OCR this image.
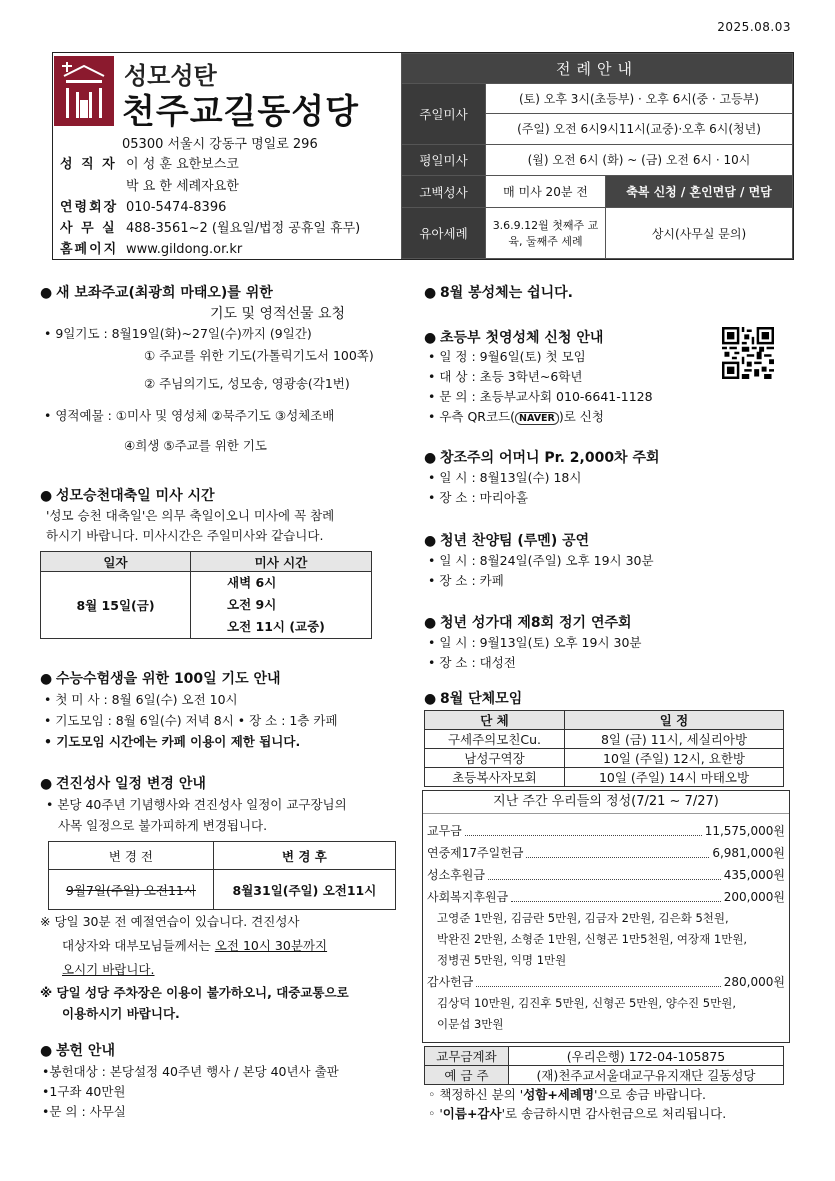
2025.08.03
성모성탄
천주교길동성당
05300 서울시 강동구 명일로 296
성 직 자 이 성 훈 요한보스코
박 요 한 세례자요한
연령회장 010-5474-8396
사 무 실 488-3561~2 (월요일/법정 공휴일 휴무)
홈페이지 www.gildong.or.kr
전례안내		
주일미사	(토) 오후 3시(초등부) · 오후 6시(중 · 고등부)	
	(주일) 오전 6시9시11시(교중)·오후 6시(청년)	
평일미사	(월) 오전 6시 (화) ~ (금) 오전 6시 · 10시	
고백성사	매 미사 20분 전	축복 신청 / 혼인면담 / 면담
유아세례	3.6.9.12월 첫째주 교육, 둘째주 세례	상시(사무실 문의)
● 새 보좌주교(최광희 마태오)를 위한
기도 및 영적선물 요청
• 9일기도 : 8월19일(화)~27일(수)까지 (9일간)
① 주교를 위한 기도(가톨릭기도서 100쪽)
② 주님의기도, 성모송, 영광송(각1번)
• 영적예물 : ①미사 및 영성체 ②묵주기도 ③성체조배
④희생 ⑤주교를 위한 기도
● 성모승천대축일 미사 시간
'성모 승천 대축일'은 의무 축일이오니 미사에 꼭 참례
하시기 바랍니다. 미사시간은 주일미사와 같습니다.
일자	미사 시간
8월 15일(금)	새벽 6시
오전 9시
오전 11시 (교중)
● 수능수험생을 위한 100일 기도 안내
• 첫 미 사 : 8월 6일(수) 오전 10시
• 기도모임 : 8월 6일(수) 저녁 8시 • 장 소 : 1층 카페
• 기도모임 시간에는 카페 이용이 제한 됩니다.
● 견진성사 일정 변경 안내
• 본당 40주년 기념행사와 견진성사 일정이 교구장님의
사목 일정으로 불가피하게 변경됩니다.
변 경 전	변 경 후
9월7일(주일) 오전11시	8월31일(주일) 오전11시
※ 당일 30분 전 예절연습이 있습니다. 견진성사
대상자와 대부모님들께서는 오전 10시 30분까지
오시기 바랍니다.
※ 당일 성당 주차장은 이용이 불가하오니, 대중교통으로
이용하시기 바랍니다.
● 봉헌 안내
•봉헌대상 : 본당설정 40주년 행사 / 본당 40년사 출판
•1구좌 40만원
•문 의 : 사무실
● 8월 봉성체는 쉽니다.
● 초등부 첫영성체 신청 안내
• 일 정 : 9월6일(토) 첫 모임
• 대 상 : 초등 3학년~6학년
• 문 의 : 초등부교사회 010-6641-1128
• 우측 QR코드( NAVER )로 신청
● 창조주의 어머니 Pr. 2,000차 주회
• 일 시 : 8월13일(수) 18시
• 장 소 : 마리아홀
● 청년 찬양팀 (루멘) 공연
• 일 시 : 8월24일(주일) 오후 19시 30분
• 장 소 : 카페
● 청년 성가대 제8회 정기 연주회
• 일 시 : 9월13일(토) 오후 19시 30분
• 장 소 : 대성전
● 8월 단체모임
단 체	일 정
구세주의모친Cu.	8일 (금) 11시, 세실리아방
남성구역장	10일 (주일) 12시, 요한방
초등복사자모회	10일 (주일) 14시 마태오방
지난 주간 우리들의 정성(7/21 ~ 7/27)
교무금	11,575,000원
연중제17주일헌금	6,981,000원
성소후원금	435,000원
사회복지후원금	200,000원
고영준 1만원, 김금란 5만원, 김금자 2만원, 김은화 5천원,
박완진 2만원, 소형준 1만원, 신형곤 1만5천원, 여장재 1만원,
정병권 5만원, 익명 1만원
감사헌금	280,000원
김상덕 10만원, 김진후 5만원, 신형곤 5만원, 양수진 5만원,
이문섭 3만원
교무금계좌	(우리은행) 172-04-105875
예 금 주	(재)천주교서울대교구유지재단 길동성당
◦ 책정하신 분의 '성함+세례명'으로 송금 바랍니다.
◦ '이름+감사'로 송금하시면 감사헌금으로 처리됩니다.
